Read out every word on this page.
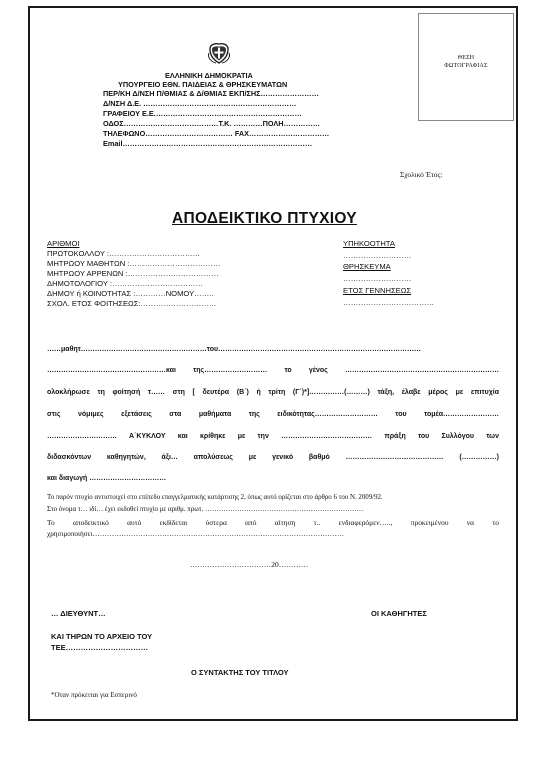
ΘΕΣΗ
ΦΩΤΟΓΡΑΦΙΑΣ
ΕΛΛΗΝΙΚΗ ΔΗΜΟΚΡΑΤΙΑ
ΥΠΟΥΡΓΕΙΟ ΕΘΝ. ΠΑΙΔΕΙΑΣ & ΘΡΗΣΚΕΥΜΑΤΩΝ
ΠΕΡ/ΚΗ Δ/ΝΣΗ Π/ΘΜΙΑΣ & Δ/ΘΜΙΑΣ ΕΚΠ/ΣΗΣ……………………
Δ/ΝΣΗ Δ.Ε. ………………………………………………………
ΓΡΑΦΕΙΟΥ Ε.Ε.……………………………………………………
ΟΔΟΣ…………………………………Τ.Κ. …………ΠΟΛΗ……………
ΤΗΛΕΦΩΝΟ……………………………… FAX……………………………
Email……………………………………………………………………
Σχολικό Έτος:
ΑΠΟΔΕΙΚΤΙΚΟ ΠΤΥΧΙΟΥ
ΑΡΙΘΜΟΙ
ΠΡΩΤΟΚΟΛΛΟΥ :………………………………
ΜΗΤΡΩΟΥ ΜΑΘΗΤΩΝ :………………………………
ΜΗΤΡΩΟΥ ΑΡΡΕΝΩΝ :………………………………
ΔΗΜΟΤΟΛΟΓΙΟΥ :………………………………
ΔΗΜΟΥ ή ΚΟΙΝΟΤΗΤΑΣ :…………ΝΟΜΟΥ……..
ΣΧΟΛ. ΕΤΟΣ ΦΟΙΤΗΣΕΩΣ:…………………………
ΥΠΗΚΟΟΤΗΤΑ
………………………
ΘΡΗΣΚΕΥΜΑ
………………………
ΕΤΟΣ ΓΕΝΝΗΣΕΩΣ
………………………………
……μαθητ………………………………………………του……………………………………………………………………………
……………………………………………και της……………………… το γένος …………………………………………………………
ολοκλήρωσε τη φοίτησή τ…… στη [ δευτέρα (Β΄) ή τρίτη (Γ΄)*]……………(………) τάξη, έλαβε μέρος με επιτυχία
στις νόμιμες εξετάσεις στα μαθήματα της ειδικότητας……………………… του τομέα……………………
………………………… Α΄ΚΥΚΛΟΥ και κρίθηκε με την ………………………………… πράξη του Συλλόγου των
διδασκόντων καθηγητών, άξι… απολύσεως με γενικό βαθμό …………………………………… (……………)
και διαγωγή ……………………………
Το παρόν πτυχίο αντιστοιχεί στο επίπεδο επαγγελματικής κατάρτισης 2, όπως αυτό ορίζεται στο άρθρο 6 του Ν. 2009/92.
Στο όνομα τ… ιδί… έχει εκδοθεί πτυχίο με αριθμ. πρωτ. ……………………………………………………………
Το αποδεικτικό αυτό εκδίδεται ύστερα από αίτηση τ.. ενδιαφερόμεν….., προκειμένου να το
χρησιμοποιήσει……………………………………………………………………………………………
……………………………20…………
… ΔΙΕΥΘΥΝΤ…	ΟΙ ΚΑΘΗΓΗΤΕΣ
ΚΑΙ ΤΗΡΩΝ ΤΟ ΑΡΧΕΙΟ ΤΟΥ
ΤΕΕ……………………………
Ο ΣΥΝΤΑΚΤΗΣ ΤΟΥ ΤΙΤΛΟΥ
*Οταν πρόκειται για Εσπερινό
